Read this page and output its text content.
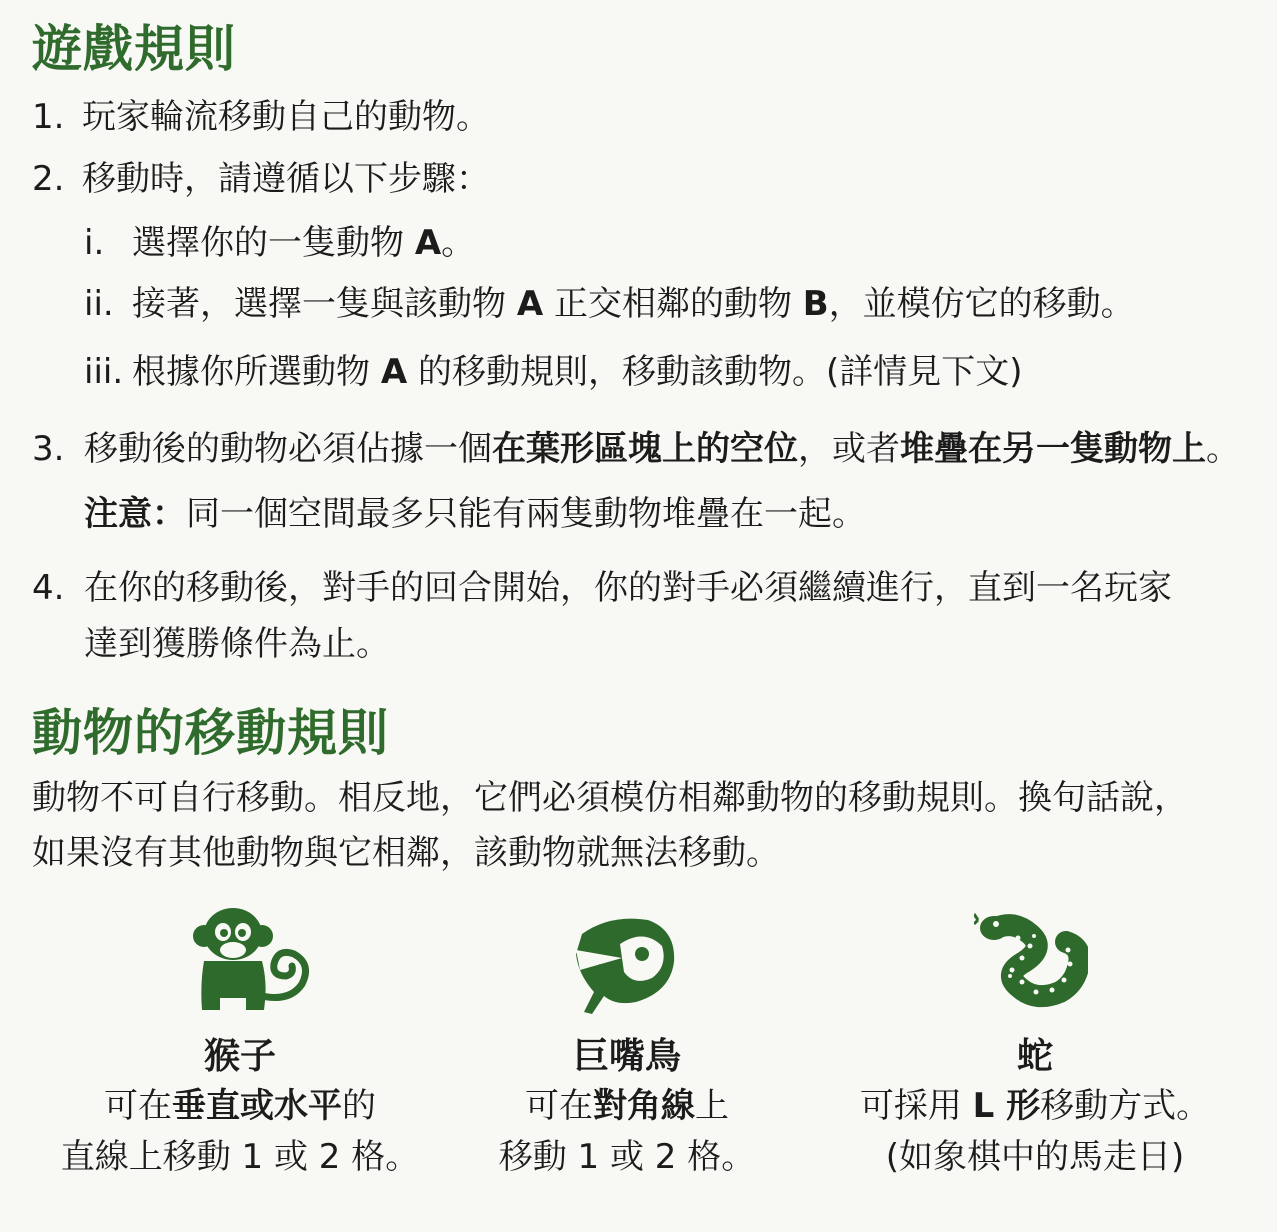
遊戲規則
1. 玩家輪流移動自己的動物。
2. 移動時，請遵循以下步驟：
i. 選擇你的一隻動物 A。
ii. 接著，選擇一隻與該動物 A 正交相鄰的動物 B，並模仿它的移動。
iii. 根據你所選動物 A 的移動規則，移動該動物。(詳情見下文)
3. 移動後的動物必須佔據一個在葉形區塊上的空位，或者堆疊在另一隻動物上。
注意：同一個空間最多只能有兩隻動物堆疊在一起。
4. 在你的移動後，對手的回合開始，你的對手必須繼續進行，直到一名玩家
達到獲勝條件為止。
動物的移動規則
動物不可自行移動。相反地，它們必須模仿相鄰動物的移動規則。換句話說，
如果沒有其他動物與它相鄰，該動物就無法移動。
猴子
可在垂直或水平的
直線上移動 1 或 2 格。
巨嘴鳥
可在對角線上
移動 1 或 2 格。
蛇
可採用 L 形移動方式。
(如象棋中的馬走日)
